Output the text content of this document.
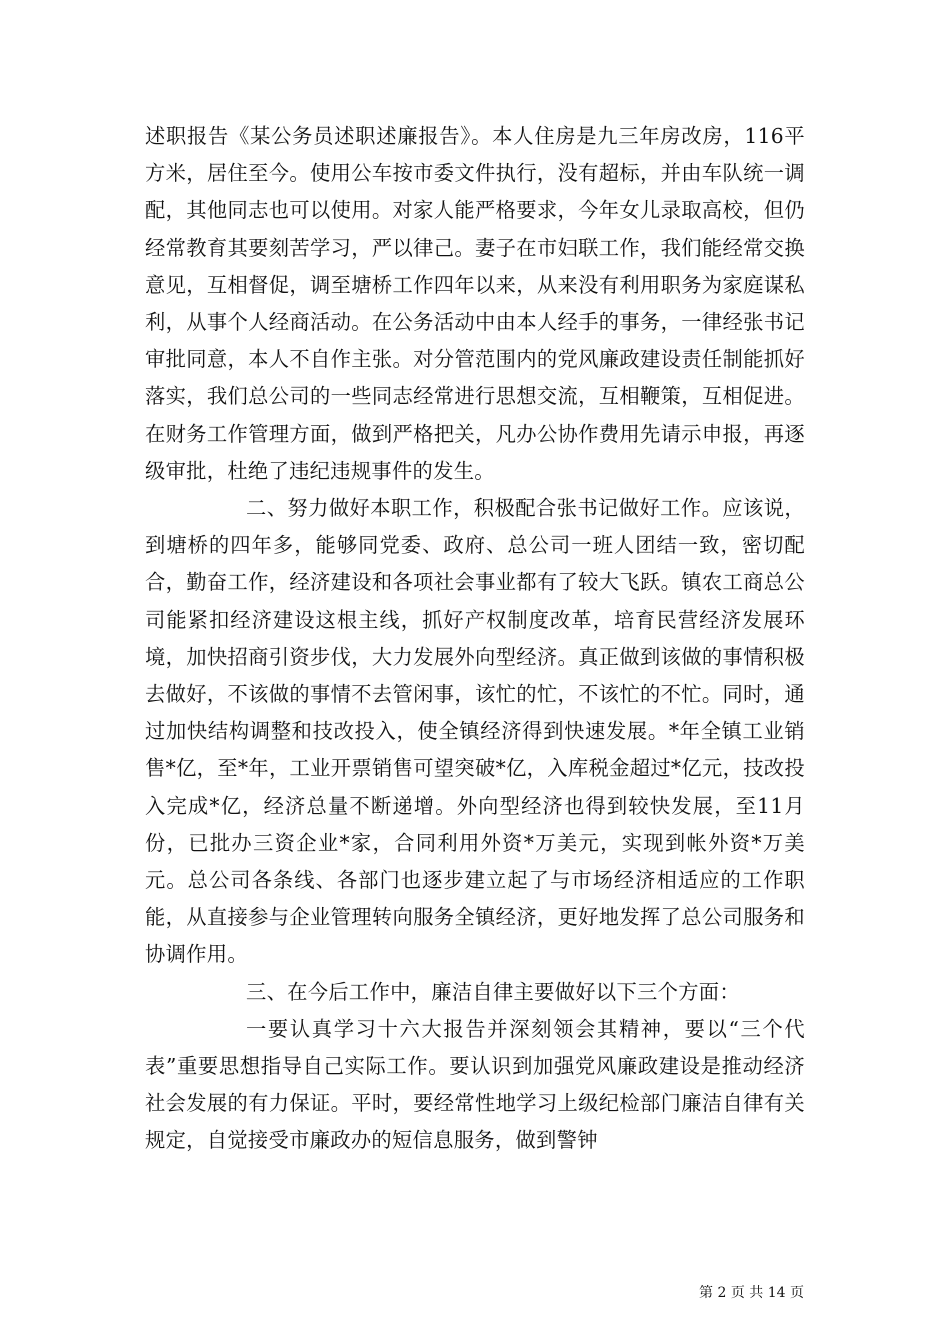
述职报告《某公务员述职述廉报告》。本人住房是九三年房改房，116平方米，居住至今。使用公车按市委文件执行，没有超标，并由车队统一调配，其他同志也可以使用。对家人能严格要求，今年女儿录取高校，但仍经常教育其要刻苦学习，严以律己。妻子在市妇联工作，我们能经常交换意见，互相督促，调至塘桥工作四年以来，从来没有利用职务为家庭谋私利，从事个人经商活动。在公务活动中由本人经手的事务，一律经张书记审批同意，本人不自作主张。对分管范围内的党风廉政建设责任制能抓好落实，我们总公司的一些同志经常进行思想交流，互相鞭策，互相促进。在财务工作管理方面，做到严格把关，凡办公协作费用先请示申报，再逐级审批，杜绝了违纪违规事件的发生。

二、努力做好本职工作，积极配合张书记做好工作。应该说，到塘桥的四年多，能够同党委、政府、总公司一班人团结一致，密切配合，勤奋工作，经济建设和各项社会事业都有了较大飞跃。镇农工商总公司能紧扣经济建设这根主线，抓好产权制度改革，培育民营经济发展环境，加快招商引资步伐，大力发展外向型经济。真正做到该做的事情积极去做好，不该做的事情不去管闲事，该忙的忙，不该忙的不忙。同时，通过加快结构调整和技改投入，使全镇经济得到快速发展。*年全镇工业销售*亿，至*年，工业开票销售可望突破*亿，入库税金超过*亿元，技改投入完成*亿，经济总量不断递增。外向型经济也得到较快发展，至11月份，已批办三资企业*家，合同利用外资*万美元，实现到帐外资*万美元。总公司各条线、各部门也逐步建立起了与市场经济相适应的工作职能，从直接参与企业管理转向服务全镇经济，更好地发挥了总公司服务和协调作用。

三、在今后工作中，廉洁自律主要做好以下三个方面：

一要认真学习十六大报告并深刻领会其精神，要以“三个代表”重要思想指导自己实际工作。要认识到加强党风廉政建设是推动经济社会发展的有力保证。平时，要经常性地学习上级纪检部门廉洁自律有关规定，自觉接受市廉政办的短信息服务，做到警钟

第 2 页 共 14 页
